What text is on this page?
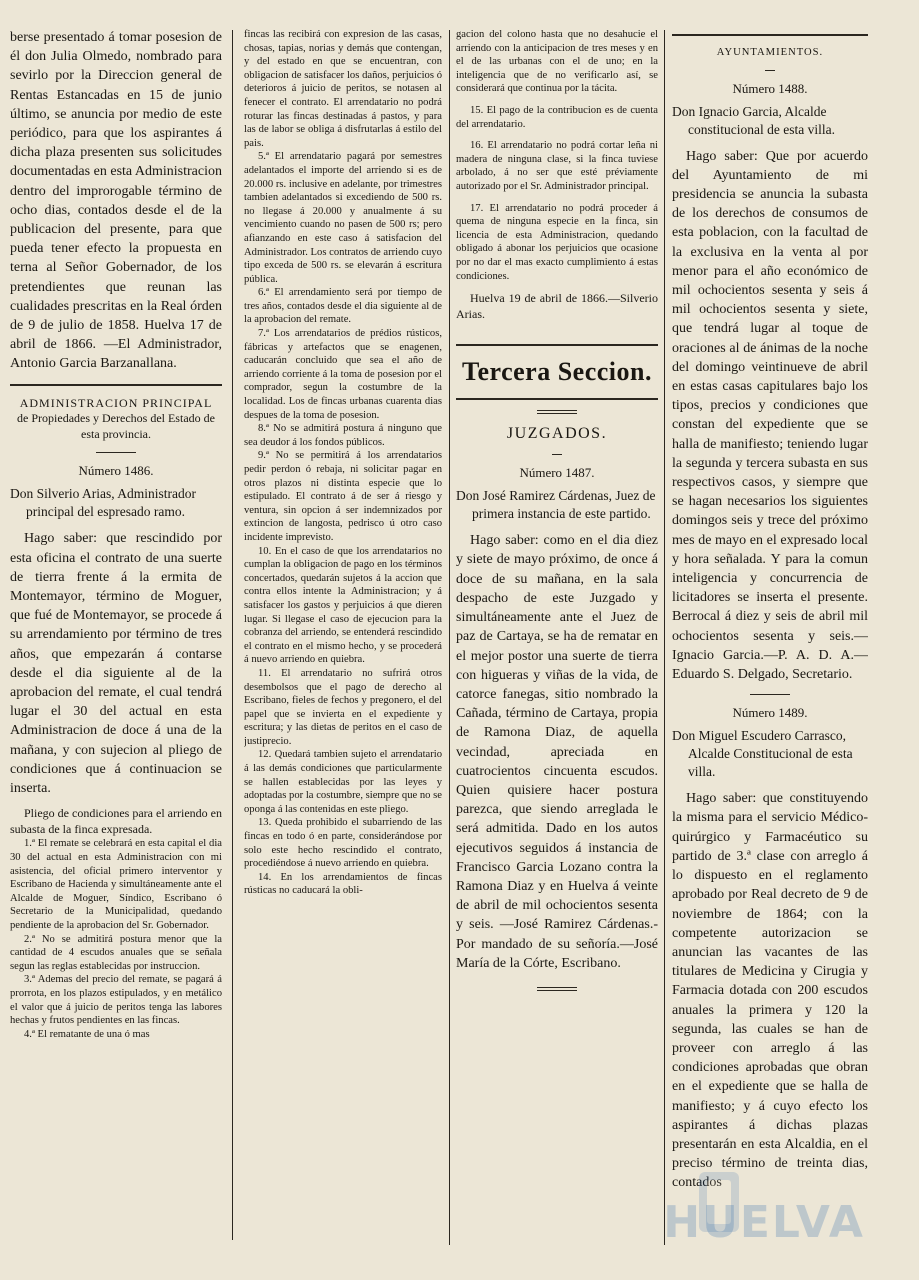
berse presentado á tomar posesion de él don Julia Olmedo, nombrado para sevirlo por la Direccion general de Rentas Estancadas en 15 de junio último, se anuncia por medio de este periódico, para que los aspirantes á dicha plaza presenten sus solicitudes documentadas en esta Administracion dentro del improrogable término de ocho dias, contados desde el de la publicacion del presente, para que pueda tener efecto la propuesta en terna al Señor Gobernador, de los pretendientes que reunan las cualidades prescritas en la Real órden de 9 de julio de 1858. Huelva 17 de abril de 1866. —El Administrador, Antonio Garcia Barzanallana.

ADMINISTRACION PRINCIPAL

de Propiedades y Derechos del Estado de esta provincia.

Número 1486.

Don Silverio Arias, Administrador principal del espresado ramo.

Hago saber: que rescindido por esta oficina el contrato de una suerte de tierra frente á la ermita de Montemayor, término de Moguer, que fué de Montemayor, se procede á su arrendamiento por término de tres años, que empezarán á contarse desde el dia siguiente al de la aprobacion del remate, el cual tendrá lugar el 30 del actual en esta Administracion de doce á una de la mañana, y con sujecion al pliego de condiciones que á continuacion se inserta.

Pliego de condiciones para el arriendo en subasta de la finca expresada.

1.ª El remate se celebrará en esta capital el dia 30 del actual en esta Administracion con mi asistencia, del oficial primero interventor y Escribano de Hacienda y simultáneamente ante el Alcalde de Moguer, Síndico, Escribano ó Secretario de la Municipalidad, quedando pendiente de la aprobacion del Sr. Gobernador.

2.ª No se admitirá postura menor que la cantidad de 4 escudos anuales que se señala segun las reglas establecidas por instruccion.

3.ª Ademas del precio del remate, se pagará á prorrota, en los plazos estipulados, y en metálico el valor que á juicio de peritos tenga las labores hechas y frutos pendientes en las fincas.

4.ª El rematante de una ó mas

fincas las recibirá con expresion de las casas, chosas, tapias, norias y demás que contengan, y del estado en que se encuentran, con obligacion de satisfacer los daños, perjuicios ó deterioros á juicio de peritos, se notasen al fenecer el contrato. El arrendatario no podrá roturar las fincas destinadas á pastos, y para las de labor se obliga á disfrutarlas á estilo del pais.

5.ª El arrendatario pagará por semestres adelantados el importe del arriendo si es de 20.000 rs. inclusive en adelante, por trimestres tambien adelantados si excediendo de 500 rs. no llegase á 20.000 y anualmente á su vencimiento cuando no pasen de 500 rs; pero afianzando en este caso á satisfacion del Administrador. Los contratos de arriendo cuyo tipo exceda de 500 rs. se elevarán á escritura pública.

6.ª El arrendamiento será por tiempo de tres años, contados desde el dia siguiente al de la aprobacion del remate.

7.ª Los arrendatarios de prédios rústicos, fábricas y artefactos que se enagenen, caducarán concluido que sea el año de arriendo corriente á la toma de posesion por el comprador, segun la costumbre de la localidad. Los de fincas urbanas cuarenta dias despues de la toma de posesion.

8.ª No se admitirá postura á ninguno que sea deudor á los fondos públicos.

9.ª No se permitirá á los arrendatarios pedir perdon ó rebaja, ni solicitar pagar en otros plazos ni distinta especie que lo estipulado. El contrato á de ser á riesgo y ventura, sin opcion á ser indemnizados por extincion de langosta, pedrisco ú otro caso incidente imprevisto.

10. En el caso de que los arrendatarios no cumplan la obligacion de pago en los términos concertados, quedarán sujetos á la accion que contra ellos intente la Administracion; y á satisfacer los gastos y perjuicios á que dieren lugar. Si llegase el caso de ejecucion para la cobranza del arriendo, se entenderá rescindido el contrato en el mismo hecho, y se procederá á nuevo arriendo en quiebra.

11. El arrendatario no sufrirá otros desembolsos que el pago de derecho al Escribano, fieles de fechos y pregonero, el del papel que se invierta en el expediente y escritura; y las dietas de peritos en el caso de justiprecio.

12. Quedará tambien sujeto el arrendatario á las demás condiciones que particularmente se hallen establecidas por las leyes y adoptadas por la costumbre, siempre que no se oponga á las contenidas en este pliego.

13. Queda prohibido el subarriendo de las fincas en todo ó en parte, considerándose por solo este hecho rescindido el contrato, procediéndose á nuevo arriendo en quiebra.

14. En los arrendamientos de fincas rústicas no caducará la obli-

gacion del colono hasta que no desahucie el arriendo con la anticipacion de tres meses y en el de las urbanas con el de uno; en la inteligencia que de no verificarlo así, se considerará que continua por la tácita.

15. El pago de la contribucion es de cuenta del arrendatario.

16. El arrendatario no podrá cortar leña ni madera de ninguna clase, si la finca tuviese arbolado, á no ser que esté préviamente autorizado por el Sr. Administrador principal.

17. El arrendatario no podrá proceder á quema de ninguna especie en la finca, sin licencia de esta Administracion, quedando obligado á abonar los perjuicios que ocasione por no dar el mas exacto cumplimiento á estas condiciones.

Huelva 19 de abril de 1866.—Silverio Arias.

Tercera Seccion.

JUZGADOS.

Número 1487.

Don José Ramirez Cárdenas, Juez de primera instancia de este partido.

Hago saber: como en el dia diez y siete de mayo próximo, de once á doce de su mañana, en la sala despacho de este Juzgado y simultáneamente ante el Juez de paz de Cartaya, se ha de rematar en el mejor postor una suerte de tierra con higueras y viñas de la vida, de catorce fanegas, sitio nombrado la Cañada, término de Cartaya, propia de Ramona Diaz, de aquella vecindad, apreciada en cuatrocientos cincuenta escudos. Quien quisiere hacer postura parezca, que siendo arreglada le será admitida. Dado en los autos ejecutivos seguidos á instancia de Francisco Garcia Lozano contra la Ramona Diaz y en Huelva á veinte de abril de mil ochocientos sesenta y seis. —José Ramirez Cárdenas.-Por mandado de su señoría.—José María de la Córte, Escribano.

AYUNTAMIENTOS.

Número 1488.

Don Ignacio Garcia, Alcalde constitucional de esta villa.

Hago saber: Que por acuerdo del Ayuntamiento de mi presidencia se anuncia la subasta de los derechos de consumos de esta poblacion, con la facultad de la exclusiva en la venta al por menor para el año económico de mil ochocientos sesenta y seis á mil ochocientos sesenta y siete, que tendrá lugar al toque de oraciones al de ánimas de la noche del domingo veintinueve de abril en estas casas capitulares bajo los tipos, precios y condiciones que constan del expediente que se halla de manifiesto; teniendo lugar la segunda y tercera subasta en sus respectivos casos, y siempre que se hagan necesarios los siguientes domingos seis y trece del próximo mes de mayo en el expresado local y hora señalada. Y para la comun inteligencia y concurrencia de licitadores se inserta el presente. Berrocal á diez y seis de abril mil ochocientos sesenta y seis.—Ignacio Garcia.—P. A. D. A.—Eduardo S. Delgado, Secretario.

Número 1489.

Don Miguel Escudero Carrasco, Alcalde Constitucional de esta villa.

Hago saber: que constituyendo la misma para el servicio Médico-quirúrgico y Farmacéutico su partido de 3.ª clase con arreglo á lo dispuesto en el reglamento aprobado por Real decreto de 9 de noviembre de 1864; con la competente autorizacion se anuncian las vacantes de las titulares de Medicina y Cirugia y Farmacia dotada con 200 escudos anuales la primera y 120 la segunda, las cuales se han de proveer con arreglo á las condiciones aprobadas que obran en el expediente que se halla de manifiesto; y á cuyo efecto los aspirantes á dichas plazas presentarán en esta Alcaldia, en el preciso término de treinta dias, contados

HUELVA
